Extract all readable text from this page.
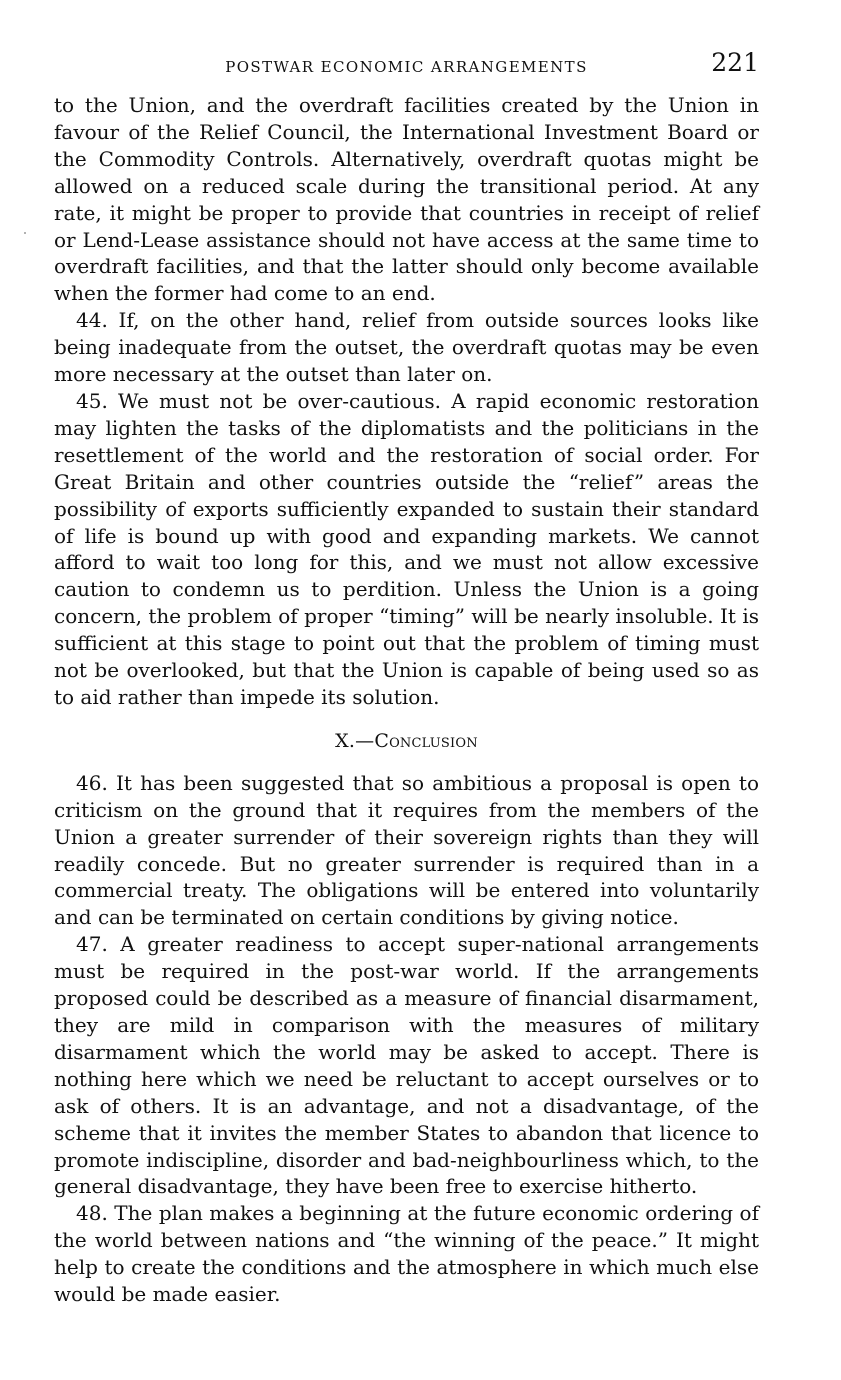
POSTWAR ECONOMIC ARRANGEMENTS	221

to the Union, and the overdraft facilities created by the Union in favour of the Relief Council, the International Investment Board or the Commodity Controls. Alternatively, overdraft quotas might be allowed on a reduced scale during the transitional period. At any rate, it might be proper to provide that countries in receipt of relief or Lend-Lease assistance should not have access at the same time to overdraft facilities, and that the latter should only become available when the former had come to an end.

44. If, on the other hand, relief from outside sources looks like being inadequate from the outset, the overdraft quotas may be even more necessary at the outset than later on.

45. We must not be over-cautious. A rapid economic restoration may lighten the tasks of the diplomatists and the politicians in the resettlement of the world and the restoration of social order. For Great Britain and other countries outside the “relief” areas the possibility of exports sufficiently expanded to sustain their standard of life is bound up with good and expanding markets. We cannot afford to wait too long for this, and we must not allow excessive caution to condemn us to perdition. Unless the Union is a going concern, the problem of proper “timing” will be nearly insoluble. It is sufficient at this stage to point out that the problem of timing must not be overlooked, but that the Union is capable of being used so as to aid rather than impede its solution.

X.—Conclusion

46. It has been suggested that so ambitious a proposal is open to criticism on the ground that it requires from the members of the Union a greater surrender of their sovereign rights than they will readily concede. But no greater surrender is required than in a commercial treaty. The obligations will be entered into voluntarily and can be terminated on certain conditions by giving notice.

47. A greater readiness to accept super-national arrangements must be required in the post-war world. If the arrangements proposed could be described as a measure of financial disarmament, they are mild in comparison with the measures of military disarmament which the world may be asked to accept. There is nothing here which we need be reluctant to accept ourselves or to ask of others. It is an advantage, and not a disadvantage, of the scheme that it invites the member States to abandon that licence to promote indiscipline, disorder and bad-neighbourliness which, to the general disadvantage, they have been free to exercise hitherto.

48. The plan makes a beginning at the future economic ordering of the world between nations and “the winning of the peace.” It might help to create the conditions and the atmosphere in which much else would be made easier.
